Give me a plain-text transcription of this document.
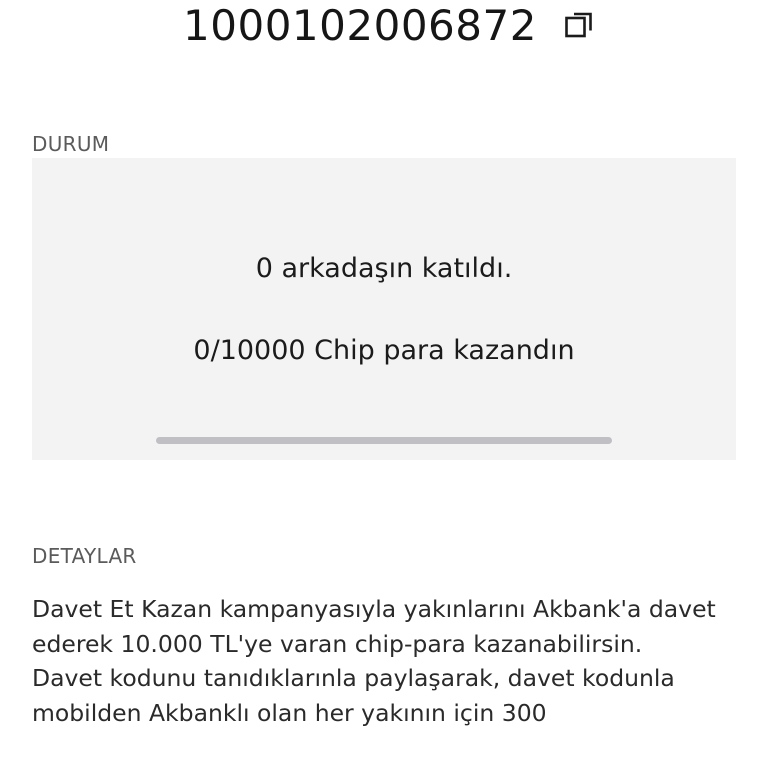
1000102006872
DURUM
0 arkadaşın katıldı.
0/10000 Chip para kazandın
DETAYLAR

Davet Et Kazan kampanyasıyla yakınlarını Akbank'a davet ederek 10.000 TL'ye varan chip-para kazanabilirsin.

Davet kodunu tanıdıklarınla paylaşarak, davet kodunla mobilden Akbanklı olan her yakının için 300
